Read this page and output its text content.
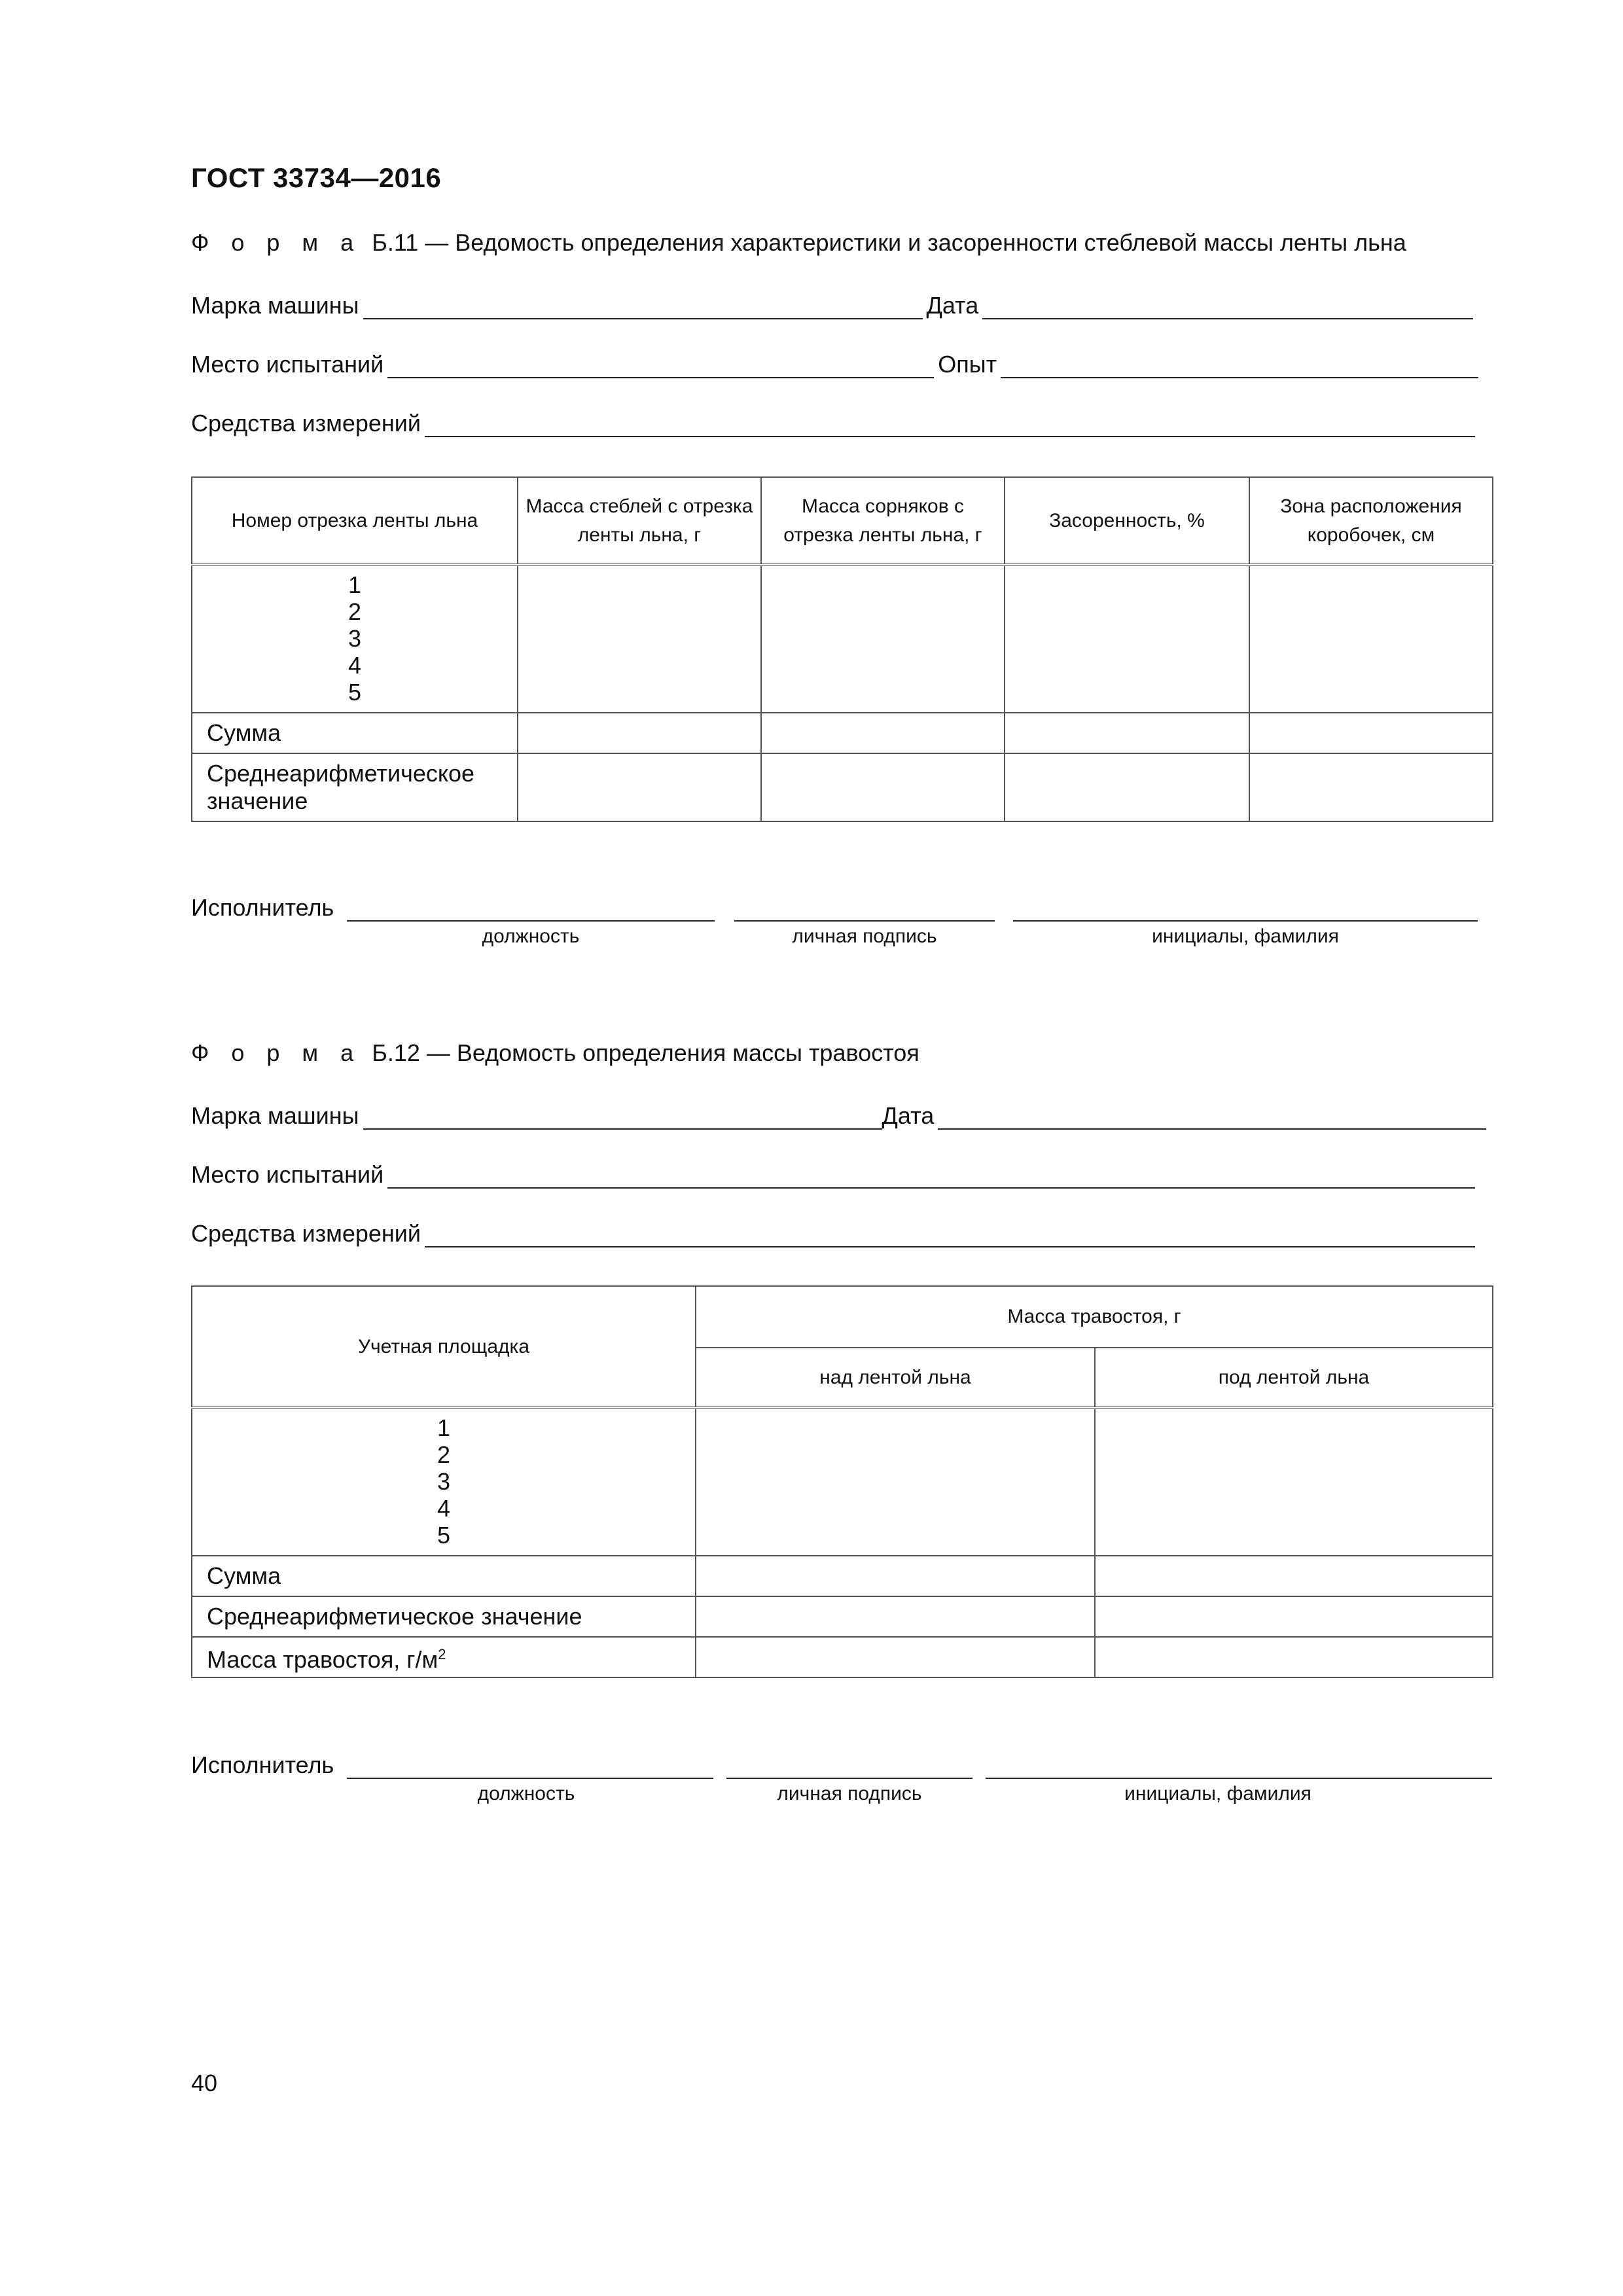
ГОСТ 33734—2016
Ф о р м а Б.11 — Ведомость определения характеристики и засоренности стеблевой массы ленты льна
Марка машины	Дата
Место испытаний	Опыт
Средства измерений
Номер отрезка ленты льна	Масса стеблей с отрезка ленты льна, г	Масса сорняков с отрезка ленты льна, г	Засоренность, %	Зона расположения коробочек, см

1
2
3
4
5				

Сумма				
Среднеарифметическое значение				
Исполнитель
должность	личная подпись	инициалы, фамилия
Ф о р м а Б.12 — Ведомость определения массы травостоя
Марка машины	Дата
Место испытаний
Средства измерений
Учетная площадка	Масса травостоя, г	
	над лентой льна	под лентой льна

1
2
3
4
5		

Сумма		
Среднеарифметическое значение		
Масса травостоя, $г/м^2$		
Исполнитель
должность	личная подпись	инициалы, фамилия
40
